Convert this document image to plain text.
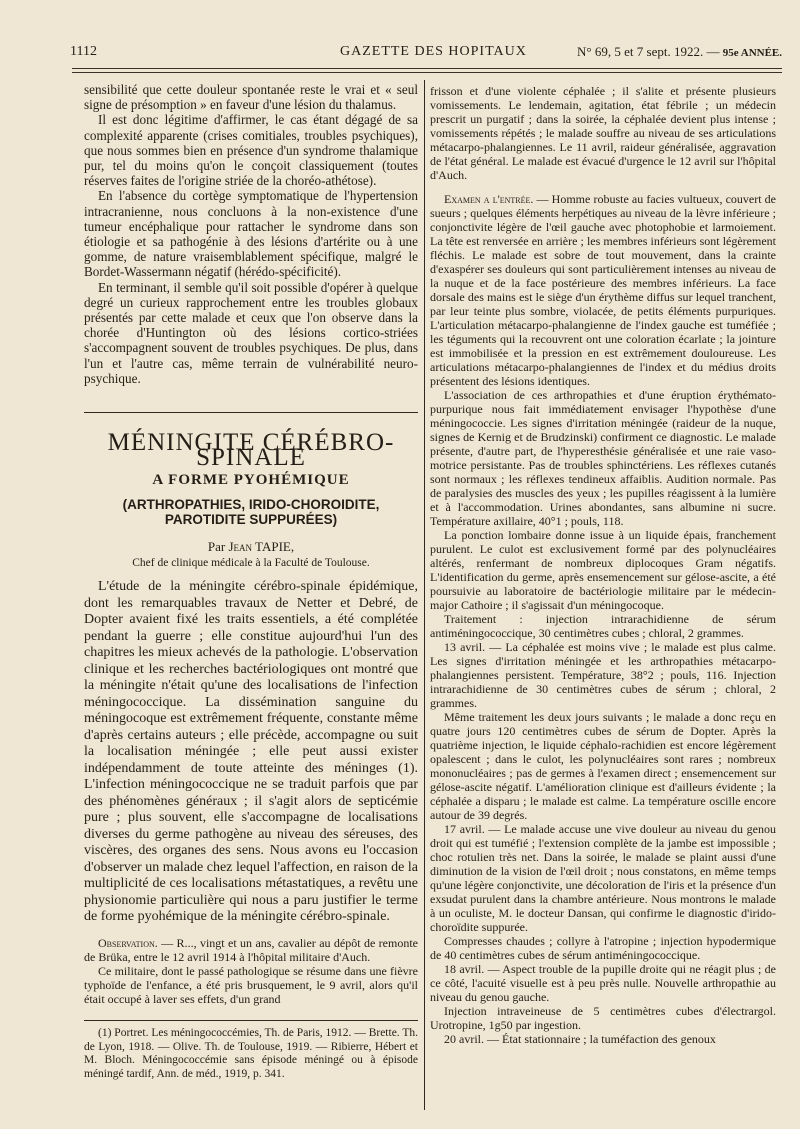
1112	GAZETTE DES HOPITAUX	N° 69, 5 et 7 sept. 1922. — 95e ANNÉE.

sensibilité que cette douleur spontanée reste le vrai et « seul signe de présomption » en faveur d'une lésion du thalamus.

Il est donc légitime d'affirmer, le cas étant dégagé de sa complexité apparente (crises comitiales, troubles psychiques), que nous sommes bien en présence d'un syndrome thalamique pur, tel du moins qu'on le conçoit classiquement (toutes réserves faites de l'origine striée de la choréo-athétose).

En l'absence du cortège symptomatique de l'hypertension intracranienne, nous concluons à la non-existence d'une tumeur encéphalique pour rattacher le syndrome dans son étiologie et sa pathogénie à des lésions d'artérite ou à une gomme, de nature vraisemblablement spécifique, malgré le Bordet-Wassermann négatif (hérédo-spécificité).

En terminant, il semble qu'il soit possible d'opérer à quelque degré un curieux rapprochement entre les troubles globaux présentés par cette malade et ceux que l'on observe dans la chorée d'Huntington où des lésions cortico-striées s'accompagnent souvent de troubles psychiques. De plus, dans l'un et l'autre cas, même terrain de vulnérabilité neuro-psychique.

MÉNINGITE CÉRÉBRO-SPINALE
A FORME PYOHÉMIQUE
(ARTHROPATHIES, IRIDO-CHOROIDITE, PAROTIDITE SUPPURÉES)
Par Jean TAPIE,
Chef de clinique médicale à la Faculté de Toulouse.

L'étude de la méningite cérébro-spinale épidémique, dont les remarquables travaux de Netter et Debré, de Dopter avaient fixé les traits essentiels, a été complétée pendant la guerre ; elle constitue aujourd'hui l'un des chapitres les mieux achevés de la pathologie. L'observation clinique et les recherches bactériologiques ont montré que la méningite n'était qu'une des localisations de l'infection méningococcique. La dissémination sanguine du méningocoque est extrêmement fréquente, constante même d'après certains auteurs ; elle précède, accompagne ou suit la localisation méningée ; elle peut aussi exister indépendamment de toute atteinte des méninges (1). L'infection méningococcique ne se traduit parfois que par des phénomènes généraux ; il s'agit alors de septicémie pure ; plus souvent, elle s'accompagne de localisations diverses du germe pathogène au niveau des séreuses, des viscères, des organes des sens. Nous avons eu l'occasion d'observer un malade chez lequel l'affection, en raison de la multiplicité de ces localisations métastatiques, a revêtu une physionomie particulière qui nous a paru justifier le terme de forme pyohémique de la méningite cérébro-spinale.

Observation. — R..., vingt et un ans, cavalier au dépôt de remonte de Brüka, entre le 12 avril 1914 à l'hôpital militaire d'Auch.

Ce militaire, dont le passé pathologique se résume dans une fièvre typhoïde de l'enfance, a été pris brusquement, le 9 avril, alors qu'il était occupé à laver ses effets, d'un grand

(1) Portret. Les méningococcémies, Th. de Paris, 1912. — Brette. Th. de Lyon, 1918. — Olive. Th. de Toulouse, 1919. — Ribierre, Hébert et M. Bloch. Méningococcémie sans épisode méningé ou à épisode méningé tardif, Ann. de méd., 1919, p. 341.

frisson et d'une violente céphalée ; il s'alite et présente plusieurs vomissements. Le lendemain, agitation, état fébrile ; un médecin prescrit un purgatif ; dans la soirée, la céphalée devient plus intense ; vomissements répétés ; le malade souffre au niveau de ses articulations métacarpo-phalangiennes. Le 11 avril, raideur généralisée, aggravation de l'état général. Le malade est évacué d'urgence le 12 avril sur l'hôpital d'Auch.

Examen a l'entrée. — Homme robuste au facies vultueux, couvert de sueurs ; quelques éléments herpétiques au niveau de la lèvre inférieure ; conjonctivite légère de l'œil gauche avec photophobie et larmoiement. La tête est renversée en arrière ; les membres inférieurs sont légèrement fléchis. Le malade est sobre de tout mouvement, dans la crainte d'exaspérer ses douleurs qui sont particulièrement intenses au niveau de la nuque et de la face postérieure des membres inférieurs. La face dorsale des mains est le siège d'un érythème diffus sur lequel tranchent, par leur teinte plus sombre, violacée, de petits éléments purpuriques. L'articulation métacarpo-phalangienne de l'index gauche est tuméfiée ; les téguments qui la recouvrent ont une coloration écarlate ; la jointure est immobilisée et la pression en est extrêmement douloureuse. Les articulations métacarpo-phalangiennes de l'index et du médius droits présentent des lésions identiques.

L'association de ces arthropathies et d'une éruption érythémato-purpurique nous fait immédiatement envisager l'hypothèse d'une méningococcie. Les signes d'irritation méningée (raideur de la nuque, signes de Kernig et de Brudzinski) confirment ce diagnostic. Le malade présente, d'autre part, de l'hyperesthésie généralisée et une raie vaso-motrice persistante. Pas de troubles sphinctériens. Les réflexes cutanés sont normaux ; les réflexes tendineux affaiblis. Audition normale. Pas de paralysies des muscles des yeux ; les pupilles réagissent à la lumière et à l'accommodation. Urines abondantes, sans albumine ni sucre. Température axillaire, 40°1 ; pouls, 118.

La ponction lombaire donne issue à un liquide épais, franchement purulent. Le culot est exclusivement formé par des polynucléaires altérés, renfermant de nombreux diplocoques Gram négatifs. L'identification du germe, après ensemencement sur gélose-ascite, a été poursuivie au laboratoire de bactériologie militaire par le médecin-major Cathoire ; il s'agissait d'un méningocoque.

Traitement : injection intrarachidienne de sérum antiméningococcique, 30 centimètres cubes ; chloral, 2 grammes.

13 avril. — La céphalée est moins vive ; le malade est plus calme. Les signes d'irritation méningée et les arthropathies métacarpo-phalangiennes persistent. Température, 38°2 ; pouls, 116. Injection intrarachidienne de 30 centimètres cubes de sérum ; chloral, 2 grammes.

Même traitement les deux jours suivants ; le malade a donc reçu en quatre jours 120 centimètres cubes de sérum de Dopter. Après la quatrième injection, le liquide céphalo-rachidien est encore légèrement opalescent ; dans le culot, les polynucléaires sont rares ; nombreux mononucléaires ; pas de germes à l'examen direct ; ensemencement sur gélose-ascite négatif. L'amélioration clinique est d'ailleurs évidente ; la céphalée a disparu ; le malade est calme. La température oscille encore autour de 39 degrés.

17 avril. — Le malade accuse une vive douleur au niveau du genou droit qui est tuméfié ; l'extension complète de la jambe est impossible ; choc rotulien très net. Dans la soirée, le malade se plaint aussi d'une diminution de la vision de l'œil droit ; nous constatons, en même temps qu'une légère conjonctivite, une décoloration de l'iris et la présence d'un exsudat purulent dans la chambre antérieure. Nous montrons le malade à un oculiste, M. le docteur Dansan, qui confirme le diagnostic d'irido-choroïdite suppurée.

Compresses chaudes ; collyre à l'atropine ; injection hypodermique de 40 centimètres cubes de sérum antiméningococcique.

18 avril. — Aspect trouble de la pupille droite qui ne réagit plus ; de ce côté, l'acuité visuelle est à peu près nulle. Nouvelle arthropathie au niveau du genou gauche.

Injection intraveineuse de 5 centimètres cubes d'électrargol. Urotropine, 1g50 par ingestion.

20 avril. — État stationnaire ; la tuméfaction des genoux
